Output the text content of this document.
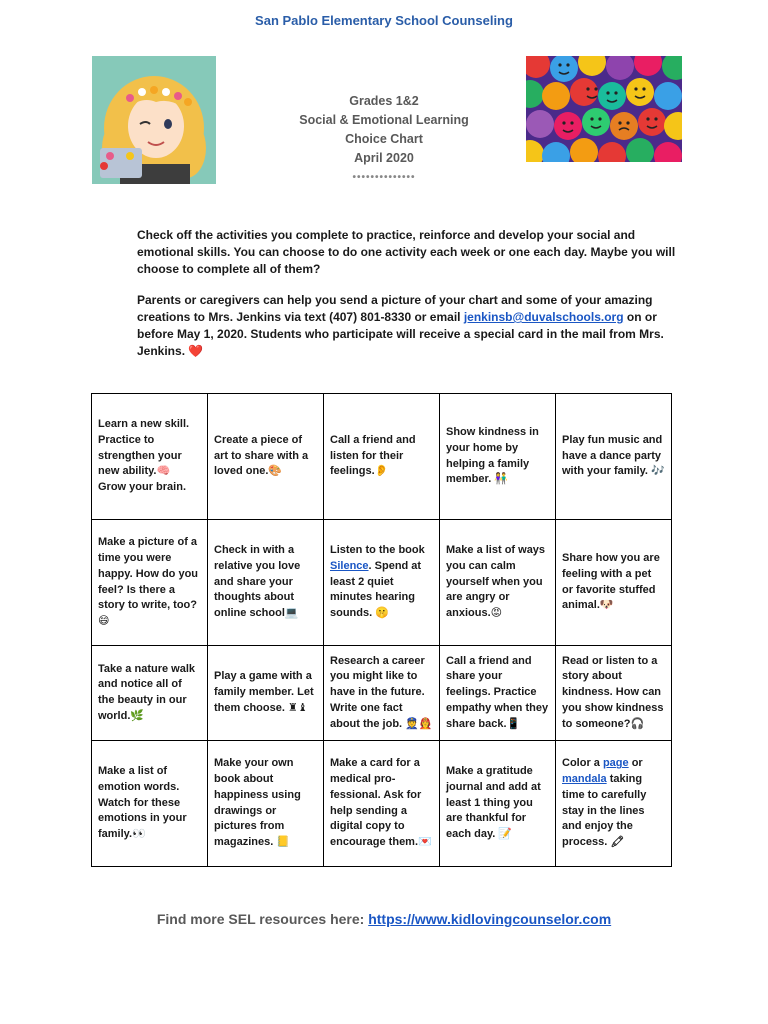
San Pablo Elementary School Counseling
Grades 1&2
Social & Emotional Learning
Choice Chart
April 2020
••••••••••••••
Check off the activities you complete to practice, reinforce and develop your social and emotional skills. You can choose to do one activity each week or one each day. Maybe you will choose to complete all of them?
Parents or caregivers can help you send a picture of your chart and some of your amazing creations to Mrs. Jenkins via text (407) 801-8330 or email jenkinsb@duvalschools.org on or before May 1, 2020. Students who participate will receive a special card in the mail from Mrs. Jenkins. ❤️
Learn a new skill. Practice to strengthen your new ability.🧠 Grow your brain.	Create a piece of art to share with a loved one.🎨	Call a friend and listen for their feelings.👂	Show kindness in your home by helping a family member. 👫	Play fun music and have a dance party with your family. 🎶
Make a picture of a time you were happy. How do you feel? Is there a story to write, too? 😄	Check in with a relative you love and share your thoughts about online school💻	Listen to the book Silence. Spend at least 2 quiet minutes hearing sounds. 🤫	Make a list of ways you can calm yourself when you are angry or anxious.😡	Share how you are feeling with a pet or favorite stuffed animal.🐶
Take a nature walk and notice all of the beauty in our world.🌿	Play a game with a family member. Let them choose. ♜♝	Research a career you might like to have in the future. Write one fact about the job. 👮👩‍🚒	Call a friend and share your feelings. Practice empathy when they share back.📱	Read or listen to a story about kindness. How can you show kindness to someone?🎧
Make a list of emotion words. Watch for these emotions in your family.👀	Make your own book about happiness using drawings or pictures from magazines. 📒	Make a card for a medical pro-fessional. Ask for help sending a digital copy to encourage them.💌	Make a gratitude journal and add at least 1 thing you are thankful for each day. 📝	Color a page or mandala taking time to carefully stay in the lines and enjoy the process. 🖍
Find more SEL resources here: https://www.kidlovingcounselor.com
